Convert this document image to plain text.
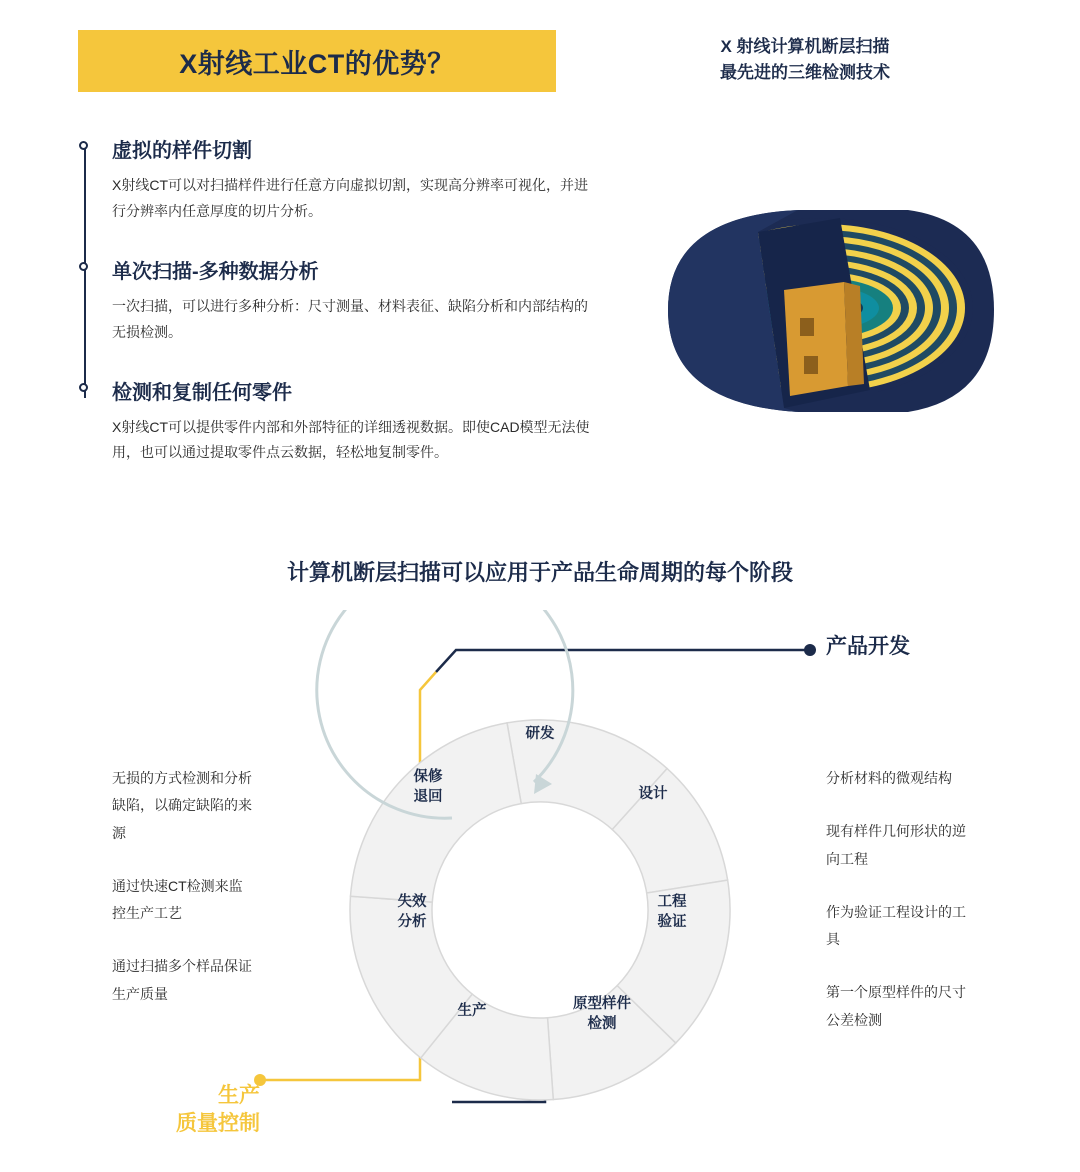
X射线工业CT的优势？
X 射线计算机断层扫描
最先进的三维检测技术
虚拟的样件切割

X射线CT可以对扫描样件进行任意方向虚拟切割，实现高分辨率可视化，并进行分辨率内任意厚度的切片分析。

单次扫描-多种数据分析

一次扫描，可以进行多种分析：尺寸测量、材料表征、缺陷分析和内部结构的无损检测。

检测和复制任何零件

X射线CT可以提供零件内部和外部特征的详细透视数据。即使CAD模型无法使用，也可以通过提取零件点云数据，轻松地复制零件。

计算机断层扫描可以应用于产品生命周期的每个阶段
研发
设计
工程
验证
原型样件
检测
生产
失效
分析
保修
退回
产品开发
生产
质量控制

无损的方式检测和分析缺陷，以确定缺陷的来源

通过快速CT检测来监控生产工艺

通过扫描多个样品保证生产质量

分析材料的微观结构

现有样件几何形状的逆向工程

作为验证工程设计的工具

第一个原型样件的尺寸公差检测
